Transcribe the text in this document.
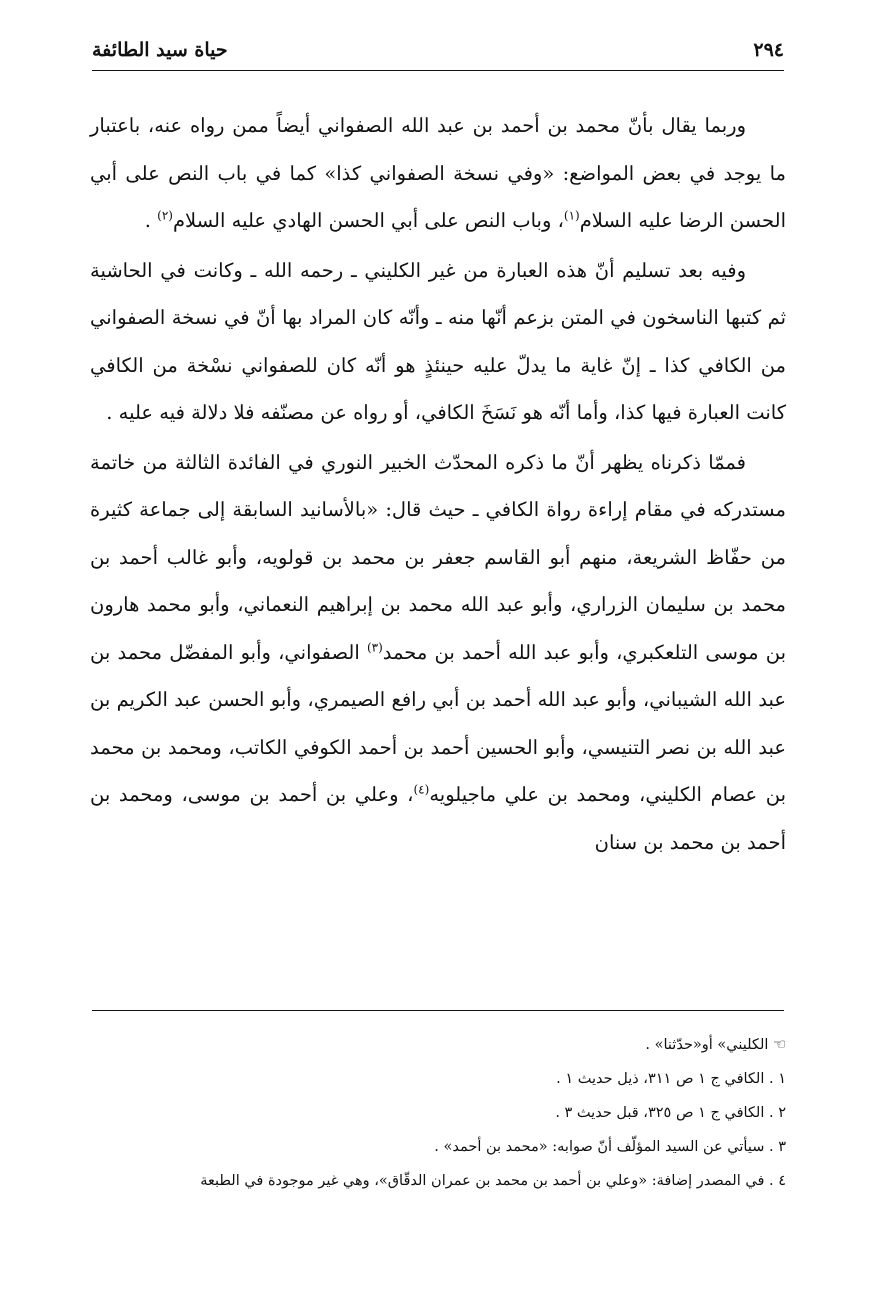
٢٩٤
حياة سيد الطائفة

وربما يقال بأنّ محمد بن أحمد بن عبد الله الصفواني أيضاً ممن رواه عنه، باعتبار ما يوجد في بعض المواضع: «وفي نسخة الصفواني كذا» كما في باب النص على أبي الحسن الرضا عليه السلام$^{(١)}$، وباب النص على أبي الحسن الهادي عليه السلام$^{(٢)}$ .

وفيه بعد تسليم أنّ هذه العبارة من غير الكليني ـ رحمه الله ـ وكانت في الحاشية ثم كتبها الناسخون في المتن بزعم أنّها منه ـ وأنّه كان المراد بها أنّ في نسخة الصفواني من الكافي كذا ـ إنّ غاية ما يدلّ عليه حينئذٍ هو أنّه كان للصفواني نسْخة من الكافي كانت العبارة فيها كذا، وأما أنّه هو نَسَخَ الكافي، أو رواه عن مصنّفه فلا دلالة فيه عليه .

فممّا ذكرناه يظهر أنّ ما ذكره المحدّث الخبير النوري في الفائدة الثالثة من خاتمة مستدركه في مقام إراءة رواة الكافي ـ حيث قال: «بالأسانيد السابقة إلى جماعة كثيرة من حفّاظ الشريعة، منهم أبو القاسم جعفر بن محمد بن قولويه، وأبو غالب أحمد بن محمد بن سليمان الزراري، وأبو عبد الله محمد بن إبراهيم النعماني، وأبو محمد هارون بن موسى التلعكبري، وأبو عبد الله أحمد بن محمد$^{(٣)}$ الصفواني، وأبو المفضّل محمد بن عبد الله الشيباني، وأبو عبد الله أحمد بن أبي رافع الصيمري، وأبو الحسن عبد الكريم بن عبد الله بن نصر التنيسي، وأبو الحسين أحمد بن أحمد الكوفي الكاتب، ومحمد بن محمد بن عصام الكليني، ومحمد بن علي ماجيلويه$^{(٤)}$، وعلي بن أحمد بن موسى، ومحمد بن أحمد بن محمد بن سنان

☜ الكليني» أو«حدّثنا» .
١ . الكافي ج ١ ص ٣١١، ذيل حديث ١ .
٢ . الكافي ج ١ ص ٣٢٥، قبل حديث ٣ .
٣ . سيأتي عن السيد المؤلّف أنّ صوابه: «محمد بن أحمد» .
٤ . في المصدر إضافة: «وعلي بن أحمد بن محمد بن عمران الدقّاق»، وهي غير موجودة في الطبعة
